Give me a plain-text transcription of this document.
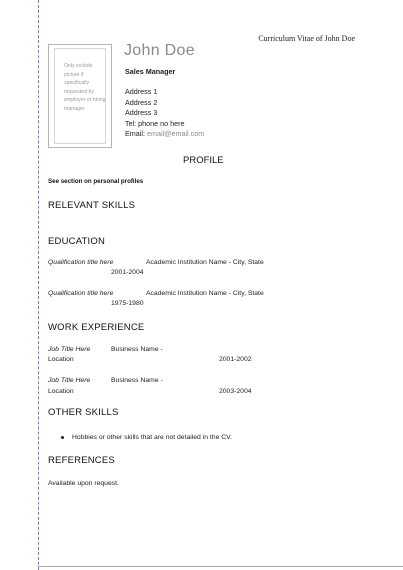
Curriculum Vitae of John Doe
Only include picture if specifically requested by employer or hiring manager
John Doe
Sales Manager
Address 1
Address 2
Address 3
Tel: phone no here
Email: email@email.com
PROFILE
See section on personal profiles
RELEVANT SKILLS
EDUCATION
Qualification title here	Academic Institution Name - City, State
2001-2004
Qualification title here	Academic Institution Name - City, State
1975-1980
WORK EXPERIENCE
Job Title Here	Business Name -
Location	2001-2002
Job Title Here	Business Name -
Location	2003-2004
OTHER SKILLS
Hobbies or other skills that are not detailed in the CV.
REFERENCES
Available upon request.
